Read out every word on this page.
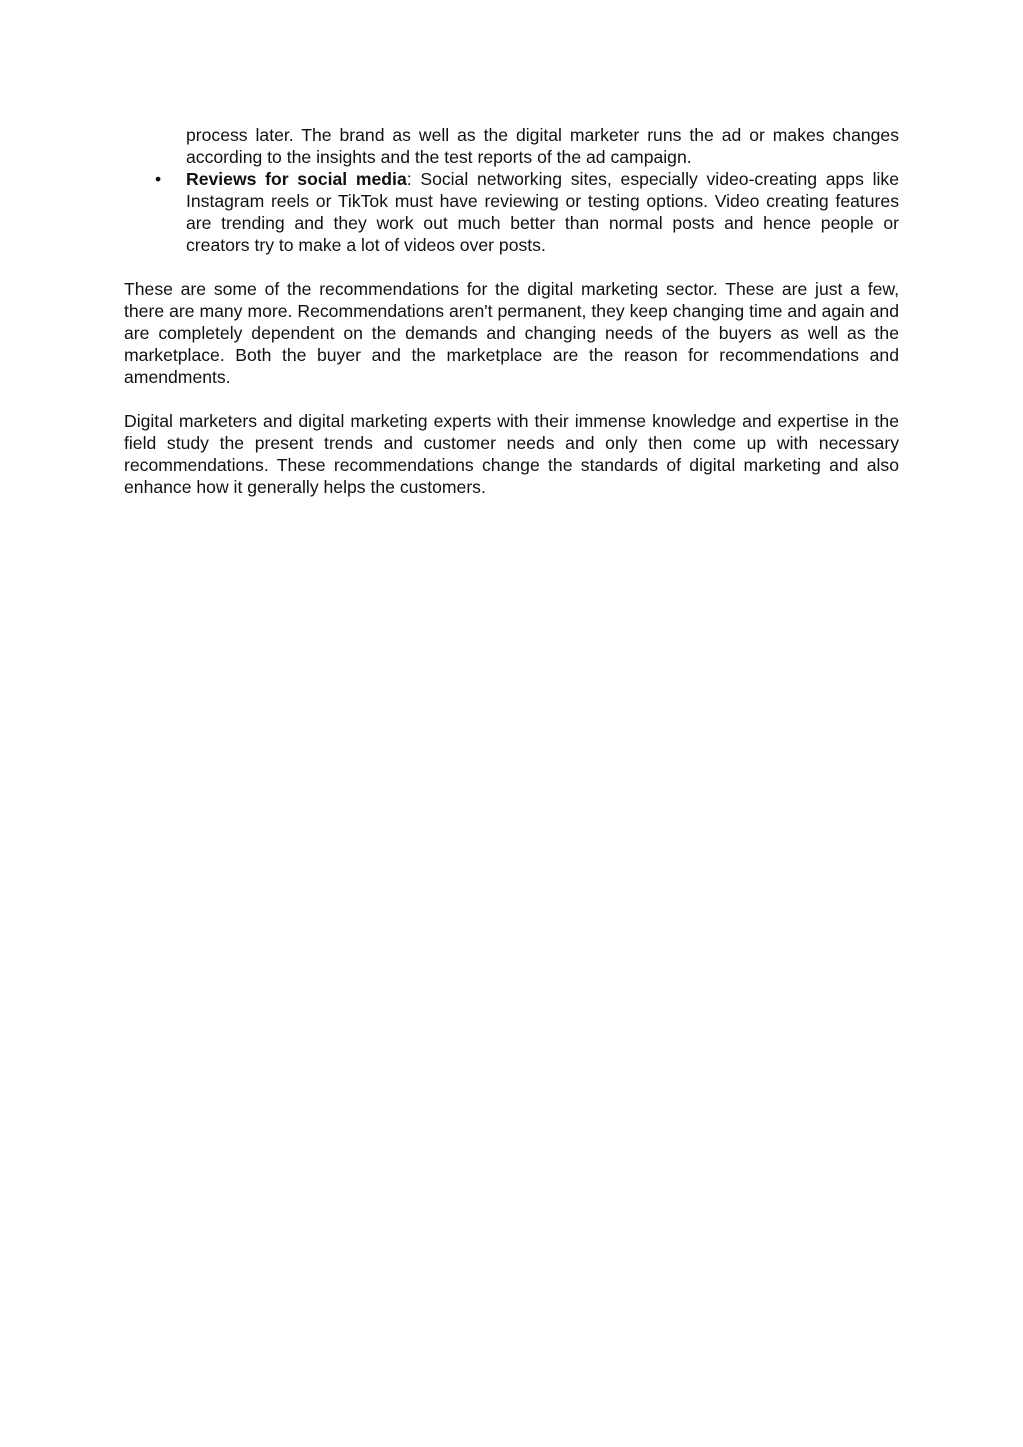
process later. The brand as well as the digital marketer runs the ad or makes changes according to the insights and the test reports of the ad campaign.

• Reviews for social media: Social networking sites, especially video-creating apps like Instagram reels or TikTok must have reviewing or testing options. Video creating features are trending and they work out much better than normal posts and hence people or creators try to make a lot of videos over posts.

These are some of the recommendations for the digital marketing sector. These are just a few, there are many more. Recommendations aren't permanent, they keep changing time and again and are completely dependent on the demands and changing needs of the buyers as well as the marketplace. Both the buyer and the marketplace are the reason for recommendations and amendments.

Digital marketers and digital marketing experts with their immense knowledge and expertise in the field study the present trends and customer needs and only then come up with necessary recommendations. These recommendations change the standards of digital marketing and also enhance how it generally helps the customers.
